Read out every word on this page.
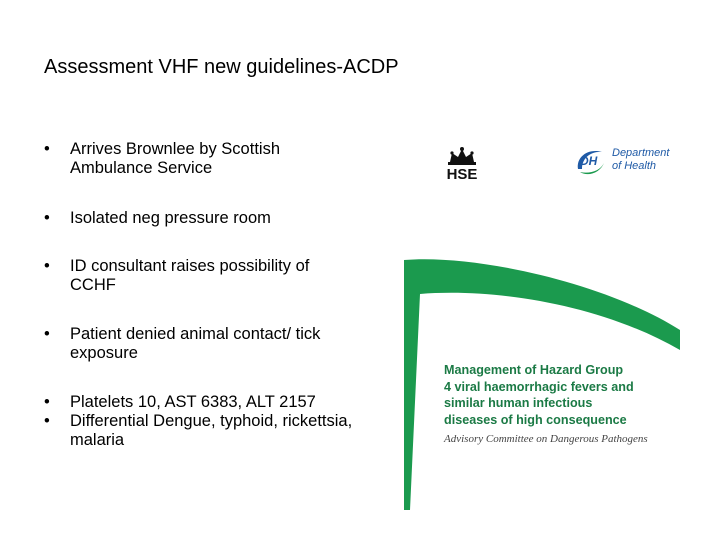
Assessment VHF new guidelines-ACDP
•	Arrives Brownlee by Scottish
Ambulance Service
•	Isolated neg pressure room
•	ID consultant raises possibility of
CCHF
•	Patient denied animal contact/ tick
exposure
•	Platelets 10, AST 6383, ALT 2157
•	Differential Dengue, typhoid, rickettsia,
malaria
HSE
DH
Department
of Health
Management of Hazard Group
4 viral haemorrhagic fevers and
similar human infectious
diseases of high consequence
Advisory Committee on Dangerous Pathogens
